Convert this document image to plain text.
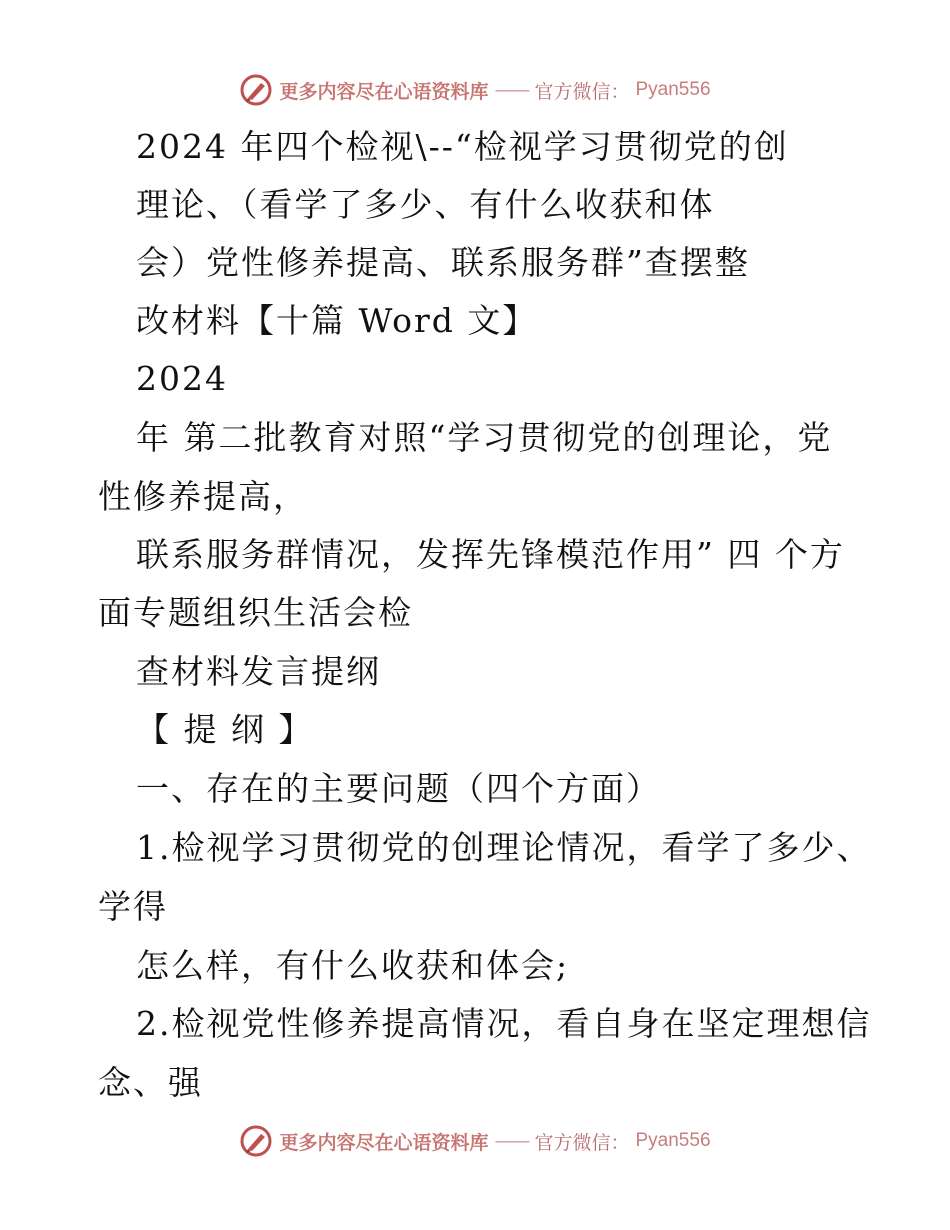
更多内容尽在心语资料库 —— 官方微信： Pyan556
2024 年四个检视\--“检视学习贯彻党的创
理论、（看学了多少、有什么收获和体
会）党性修养提高、联系服务群”查摆整
改材料【十篇 Word 文】
2024
年 第二批教育对照“学习贯彻党的创理论，党
性修养提高，
联系服务群情况，发挥先锋模范作用” 四 个方
面专题组织生活会检
查材料发言提纲
【 提 纲 】
一、存在的主要问题（四个方面）
1.检视学习贯彻党的创理论情况，看学了多少、
学得
怎么样，有什么收获和体会;
2.检视党性修养提高情况，看自身在坚定理想信
念、强
更多内容尽在心语资料库 —— 官方微信： Pyan556
